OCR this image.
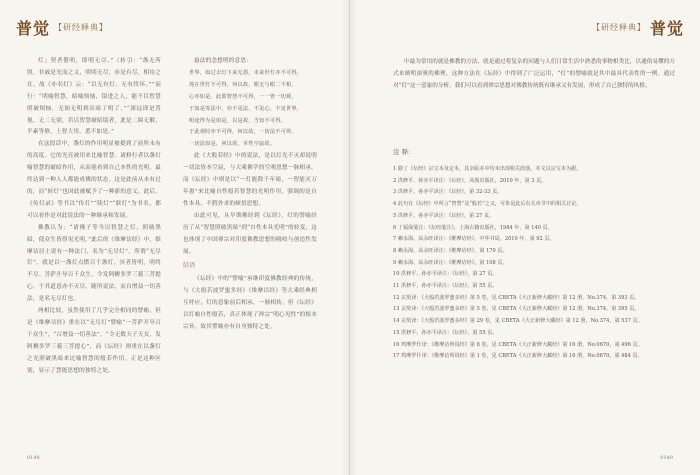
普觉 【研经释典】

灯」契者偕明，即明无尽。”（转引：“盏无所照，非戚是光而之义，明明无尽，亦是有尽，相待之在，故《亦名灯》云：“以无有灯，无有终坏。””而行：“明喻智慧，暗喻烦恼，镜进之人，能不以智慧照破烦恼，无始无明到出暗了明了，”“深远即是普视，无二无别，若以智慧破暗镜者，此是二障无解，平素等修，上智大用，悉不如是。”

在这段话中，盏灯的作用明显被提到了前所未有的高度。它的光亮被用来比喻智慧。诸修行者以盏灯喻智慧的破暗作用，从而能看到自己本性的光明，最终达到一种人人都能成佛的状态。这是此前从未有过的，而“转灯”也因此被赋予了一种新的意义。此后，《传灯录》等书以“传灯”“续灯”“联灯”为书名，都可以看作是对此说法的一种继承和发展。

佛教认为：“诸佛子等当以智慧之灯，照破黑暗，使众生皆得见光明。”此后的《维摩诘经》中，维摩诘居士说有一种法门，名为“无尽灯”。所谓“无尽灯”，就是以一盏灯点燃百千盏灯，冥者皆明，明终不尽。菩萨开导百千众生，令发阿耨多罗三藐三菩提心，于其道意亦不灭尽，随所说法，而自增益一切善法，是名无尽灯也。

两相比较，虽然使用了几乎完全相同的譬喻，但是《维摩诘经》重在以“无尽灯”譬喻“一菩萨开导百千众生”，“百增益一切善法”，“令无数天子天女，发阿耨多罗三藐三菩提心”，而《坛经》则重在以盏灯之光照破黑暗来比喻智慧的般若作用。正是这种区别，显示了慧能思想的独特之处。

悬法的念想明的意思：

世界，如过去灯下来无怨，未来世灯亦不可得，
现在世灯不可得，何以故，眼无与眼二不相，
心亦如是，此即智慧不可得，一一皆一切观，
于如是等法中，亦不见法，不见心，不见世界，
明途得为是如是，以是故，当知不可得。
于此观时亦不可得，何以故，一切法不可得。
一切法如是，何以故，本性空寂故。

此《大般若经》中的说法，是以灯光不灭却说明一切法皆本空寂，与大乘佛学的空观思想一脉相承。而《坛经》中则是以“一灯能除千年暗，一智能灭万年愚”来比喻自性般若智慧的光明作用，强调的是自性本具、不假外求的顿悟思想。

由此可见，从早期佛经到《坛经》，灯的譬喻经历了从“智慧照破黑暗”到“自性本具光明”的转变，这也体现了中国禅宗对印度佛教思想的吸收与创造性发展。

结语

《坛经》中的“譬喻”承继印度佛教经典的传统，与《大般若波罗蜜多经》《维摩诘经》等大乘经典相互呼应，灯的意象前后相承，一脉相传。但《坛经》以灯喻自性般若，真正体现了禅宗“明心见性”的根本宗旨，故其譬喻亦有自身独特之处。

0148
普觉
【研经释典】
0149

中最为常用的就是佛教的方法，就是通过将复杂的问题与人们日常生活中熟悉的事物相类比，以通俗易懂的方式来阐明深奥的佛理。这种方法在《坛经》中得到了广泛运用，“灯”的譬喻就是其中最具代表性的一例。通过对“灯”这一意象的分析，我们可以看到禅宗思想对佛教传统既有继承又有发展，形成了自己独特的风格。

注 释：
1 除了《坛经》宗宝本及定本，其余版本中均未出现相关段落，本文以宗宝本为据。
2 洪修平、孙亦平译注：《坛经》，凤凰出版社，2010 年，第 3 页。
3 洪修平、孙亦平译注：《坛经》，第 32-33 页。
4 此句有《坛经》中所言“智慧”及“般若”之义，可参见此后有关章节中的相关讨论。
5 洪修平、孙亦平译注：《坛经》，第 27 页。
6 丁福保笺注：《坛经笺注》，上海古籍出版社，1984 年，第 140 页。
7 赖永海、高永旺译注：《维摩诘经》，中华书局，2010 年，第 92 页。
8 赖永海、高永旺译注：《维摩诘经》，第 170 页。
9 赖永海、高永旺译注：《维摩诘经》，第 108 页。
10 洪修平、孙亦平译注：《坛经》，第 27 页。
11 洪修平、孙亦平译注：《坛经》，第 55 页。
12 玄奘译：《大般若波罗蜜多经》第 5 卷，见 CBETA《大正新修大藏经》第 12 册，No.374，第 393 页。
13 玄奘译：《大般若波罗蜜多经》第 5 卷，见 CBETA《大正新修大藏经》第 12 册，No.374，第 395 页。
14 玄奘译：《大般若波罗蜜多经》第 29 卷，见 CBETA《大正新修大藏经》第 12 册，No.374，第 537 页。
15 洪修平、孙亦平译注：《坛经》，第 55 页。
16 鸠摩罗什译：《维摩诘所说经》第 8 卷，见 CBETA《大正新修大藏经》第 16 册，No.0670，第 496 页。
17 鸠摩罗什译：《维摩诘所说经》第 1 卷，见 CBETA《大正新修大藏经》第 16 册，No.0670，第 484 页。
